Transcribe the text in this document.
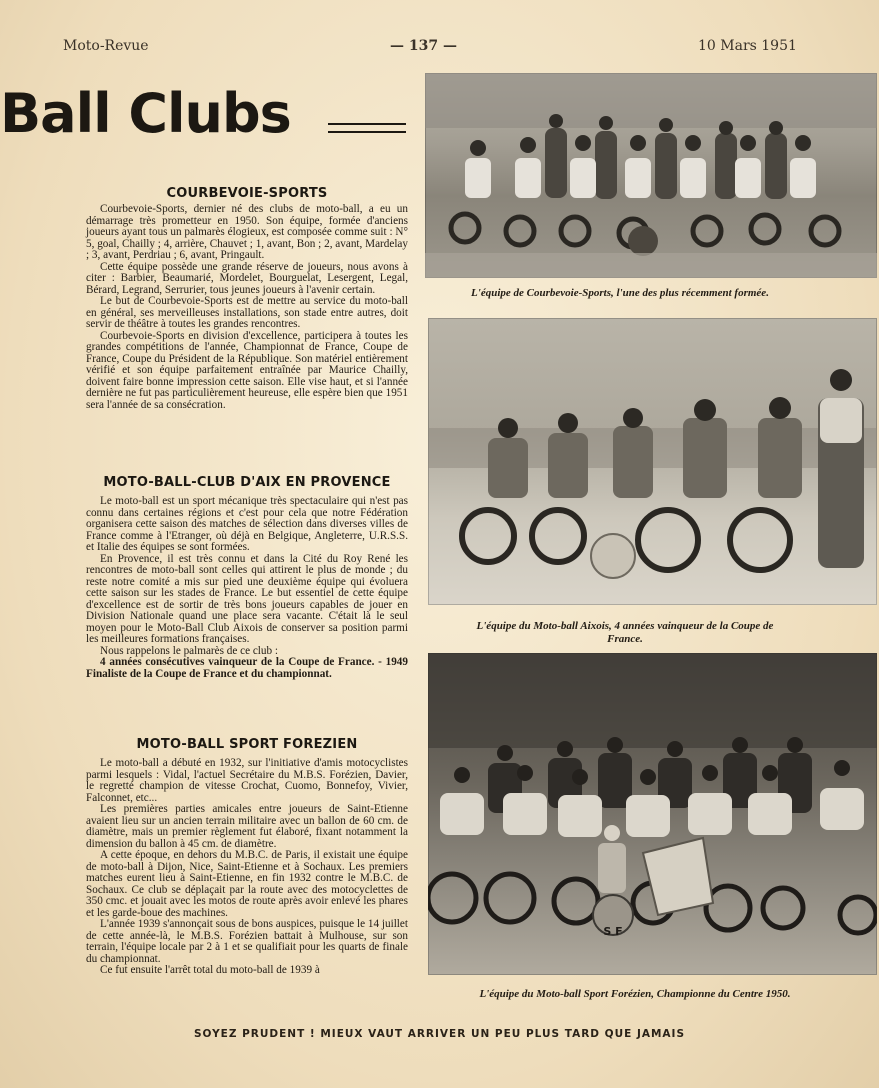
Moto-Revue	— 137 —	10 Mars 1951
Ball Clubs
COURBEVOIE-SPORTS

Courbevoie-Sports, dernier né des clubs de moto-ball, a eu un démarrage très prometteur en 1950. Son équipe, formée d'anciens joueurs ayant tous un palmarès élogieux, est composée comme suit : N° 5, goal, Chailly ; 4, arrière, Chauvet ; 1, avant, Bon ; 2, avant, Mardelay ; 3, avant, Perdriau ; 6, avant, Pringault.

Cette équipe possède une grande réserve de joueurs, nous avons à citer : Barbier, Beaumarié, Mordelet, Bourguelat, Lesergent, Legal, Bérard, Legrand, Serrurier, tous jeunes joueurs à l'avenir certain.

Le but de Courbevoie-Sports est de mettre au service du moto-ball en général, ses merveilleuses installations, son stade entre autres, doit servir de théâtre à toutes les grandes rencontres.

Courbevoie-Sports en division d'excellence, participera à toutes les grandes compétitions de l'année, Championnat de France, Coupe de France, Coupe du Président de la République. Son matériel entièrement vérifié et son équipe parfaitement entraînée par Maurice Chailly, doivent faire bonne impression cette saison. Elle vise haut, et si l'année dernière ne fut pas particulièrement heureuse, elle espère bien que 1951 sera l'année de sa consécration.

MOTO-BALL-CLUB D'AIX EN PROVENCE

Le moto-ball est un sport mécanique très spectaculaire qui n'est pas connu dans certaines régions et c'est pour cela que notre Fédération organisera cette saison des matches de sélection dans diverses villes de France comme à l'Etranger, où déjà en Belgique, Angleterre, U.R.S.S. et Italie des équipes se sont formées.

En Provence, il est très connu et dans la Cité du Roy René les rencontres de moto-ball sont celles qui attirent le plus de monde ; du reste notre comité a mis sur pied une deuxième équipe qui évoluera cette saison sur les stades de France. Le but essentiel de cette équipe d'excellence est de sortir de très bons joueurs capables de jouer en Division Nationale quand une place sera vacante. C'était là le seul moyen pour le Moto-Ball Club Aixois de conserver sa position parmi les meilleures formations françaises.

Nous rappelons le palmarès de ce club :

4 années consécutives vainqueur de la Coupe de France. - 1949 Finaliste de la Coupe de France et du championnat.

MOTO-BALL SPORT FOREZIEN

Le moto-ball a débuté en 1932, sur l'initiative d'amis motocyclistes parmi lesquels : Vidal, l'actuel Secrétaire du M.B.S. Forézien, Davier, le regretté champion de vitesse Crochat, Cuomo, Bonnefoy, Vivier, Falconnet, etc...

Les premières parties amicales entre joueurs de Saint-Etienne avaient lieu sur un ancien terrain militaire avec un ballon de 60 cm. de diamètre, mais un premier règlement fut élaboré, fixant notamment la dimension du ballon à 45 cm. de diamètre.

A cette époque, en dehors du M.B.C. de Paris, il existait une équipe de moto-ball à Dijon, Nice, Saint-Etienne et à Sochaux. Les premiers matches eurent lieu à Saint-Etienne, en fin 1932 contre le M.B.C. de Sochaux. Ce club se déplaçait par la route avec des motocyclettes de 350 cmc. et jouait avec les motos de route après avoir enlevé les phares et les garde-boue des machines.

L'année 1939 s'annonçait sous de bons auspices, puisque le 14 juillet de cette année-là, le M.B.S. Forézien battait à Mulhouse, sur son terrain, l'équipe locale par 2 à 1 et se qualifiait pour les quarts de finale du championnat.

Ce fut ensuite l'arrêt total du moto-ball de 1939 à

L'équipe de Courbevoie-Sports, l'une des plus récemment formée.
L'équipe du Moto-ball Aixois, 4 années vainqueur de la Coupe de France.
S F
L'équipe du Moto-ball Sport Forézien, Championne du Centre 1950.
SOYEZ PRUDENT ! MIEUX VAUT ARRIVER UN PEU PLUS TARD QUE JAMAIS
